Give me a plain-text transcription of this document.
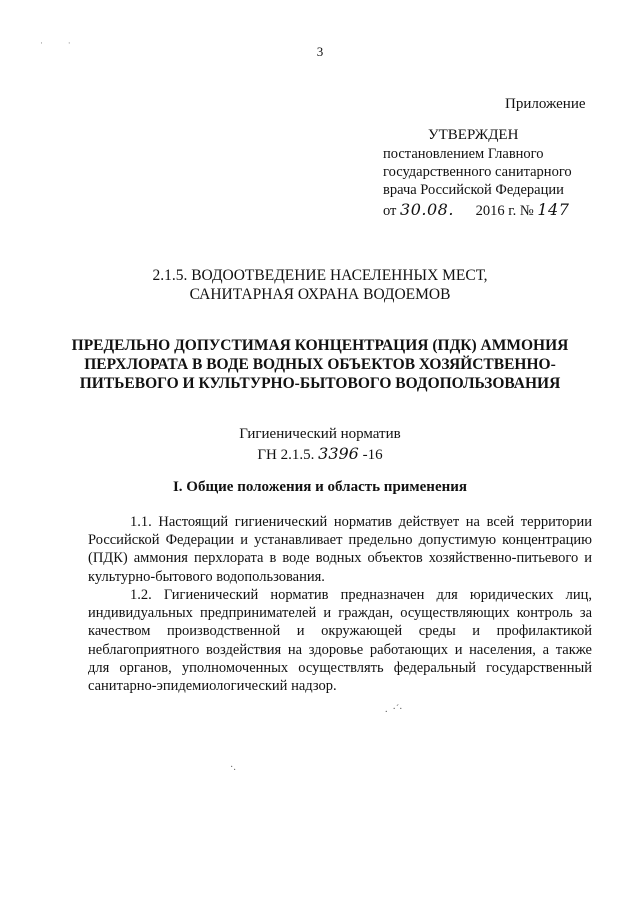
·           ·
3
Приложение
УТВЕРЖДЕН
постановлением Главного
государственного санитарного
врача Российской Федерации
от 30.08. 2016 г. № 147
2.1.5. ВОДООТВЕДЕНИЕ НАСЕЛЕННЫХ МЕСТ,
САНИТАРНАЯ ОХРАНА ВОДОЕМОВ
ПРЕДЕЛЬНО ДОПУСТИМАЯ КОНЦЕНТРАЦИЯ (ПДК) АММОНИЯ
ПЕРХЛОРАТА В ВОДЕ ВОДНЫХ ОБЪЕКТОВ ХОЗЯЙСТВЕННО-
ПИТЬЕВОГО И КУЛЬТУРНО-БЫТОВОГО ВОДОПОЛЬЗОВАНИЯ
Гигиенический норматив
ГН 2.1.5. 3396 -16
I. Общие положения и область применения
1.1. Настоящий гигиенический норматив действует на всей территории Российской Федерации и устанавливает предельно допустимую концентрацию (ПДК) аммония перхлората в воде водных объектов хозяйственно-питьевого и культурно-бытового водопользования.
1.2. Гигиенический норматив предназначен для юридических лиц, индивидуальных предпринимателей и граждан, осуществляющих контроль за качеством производственной и окружающей среды и профилактикой неблагоприятного воздействия на здоровье работающих и населения, а также для органов, уполномоченных осуществлять федеральный государственный санитарно-эпидемиологический надзор.
.  ·´·
·.
